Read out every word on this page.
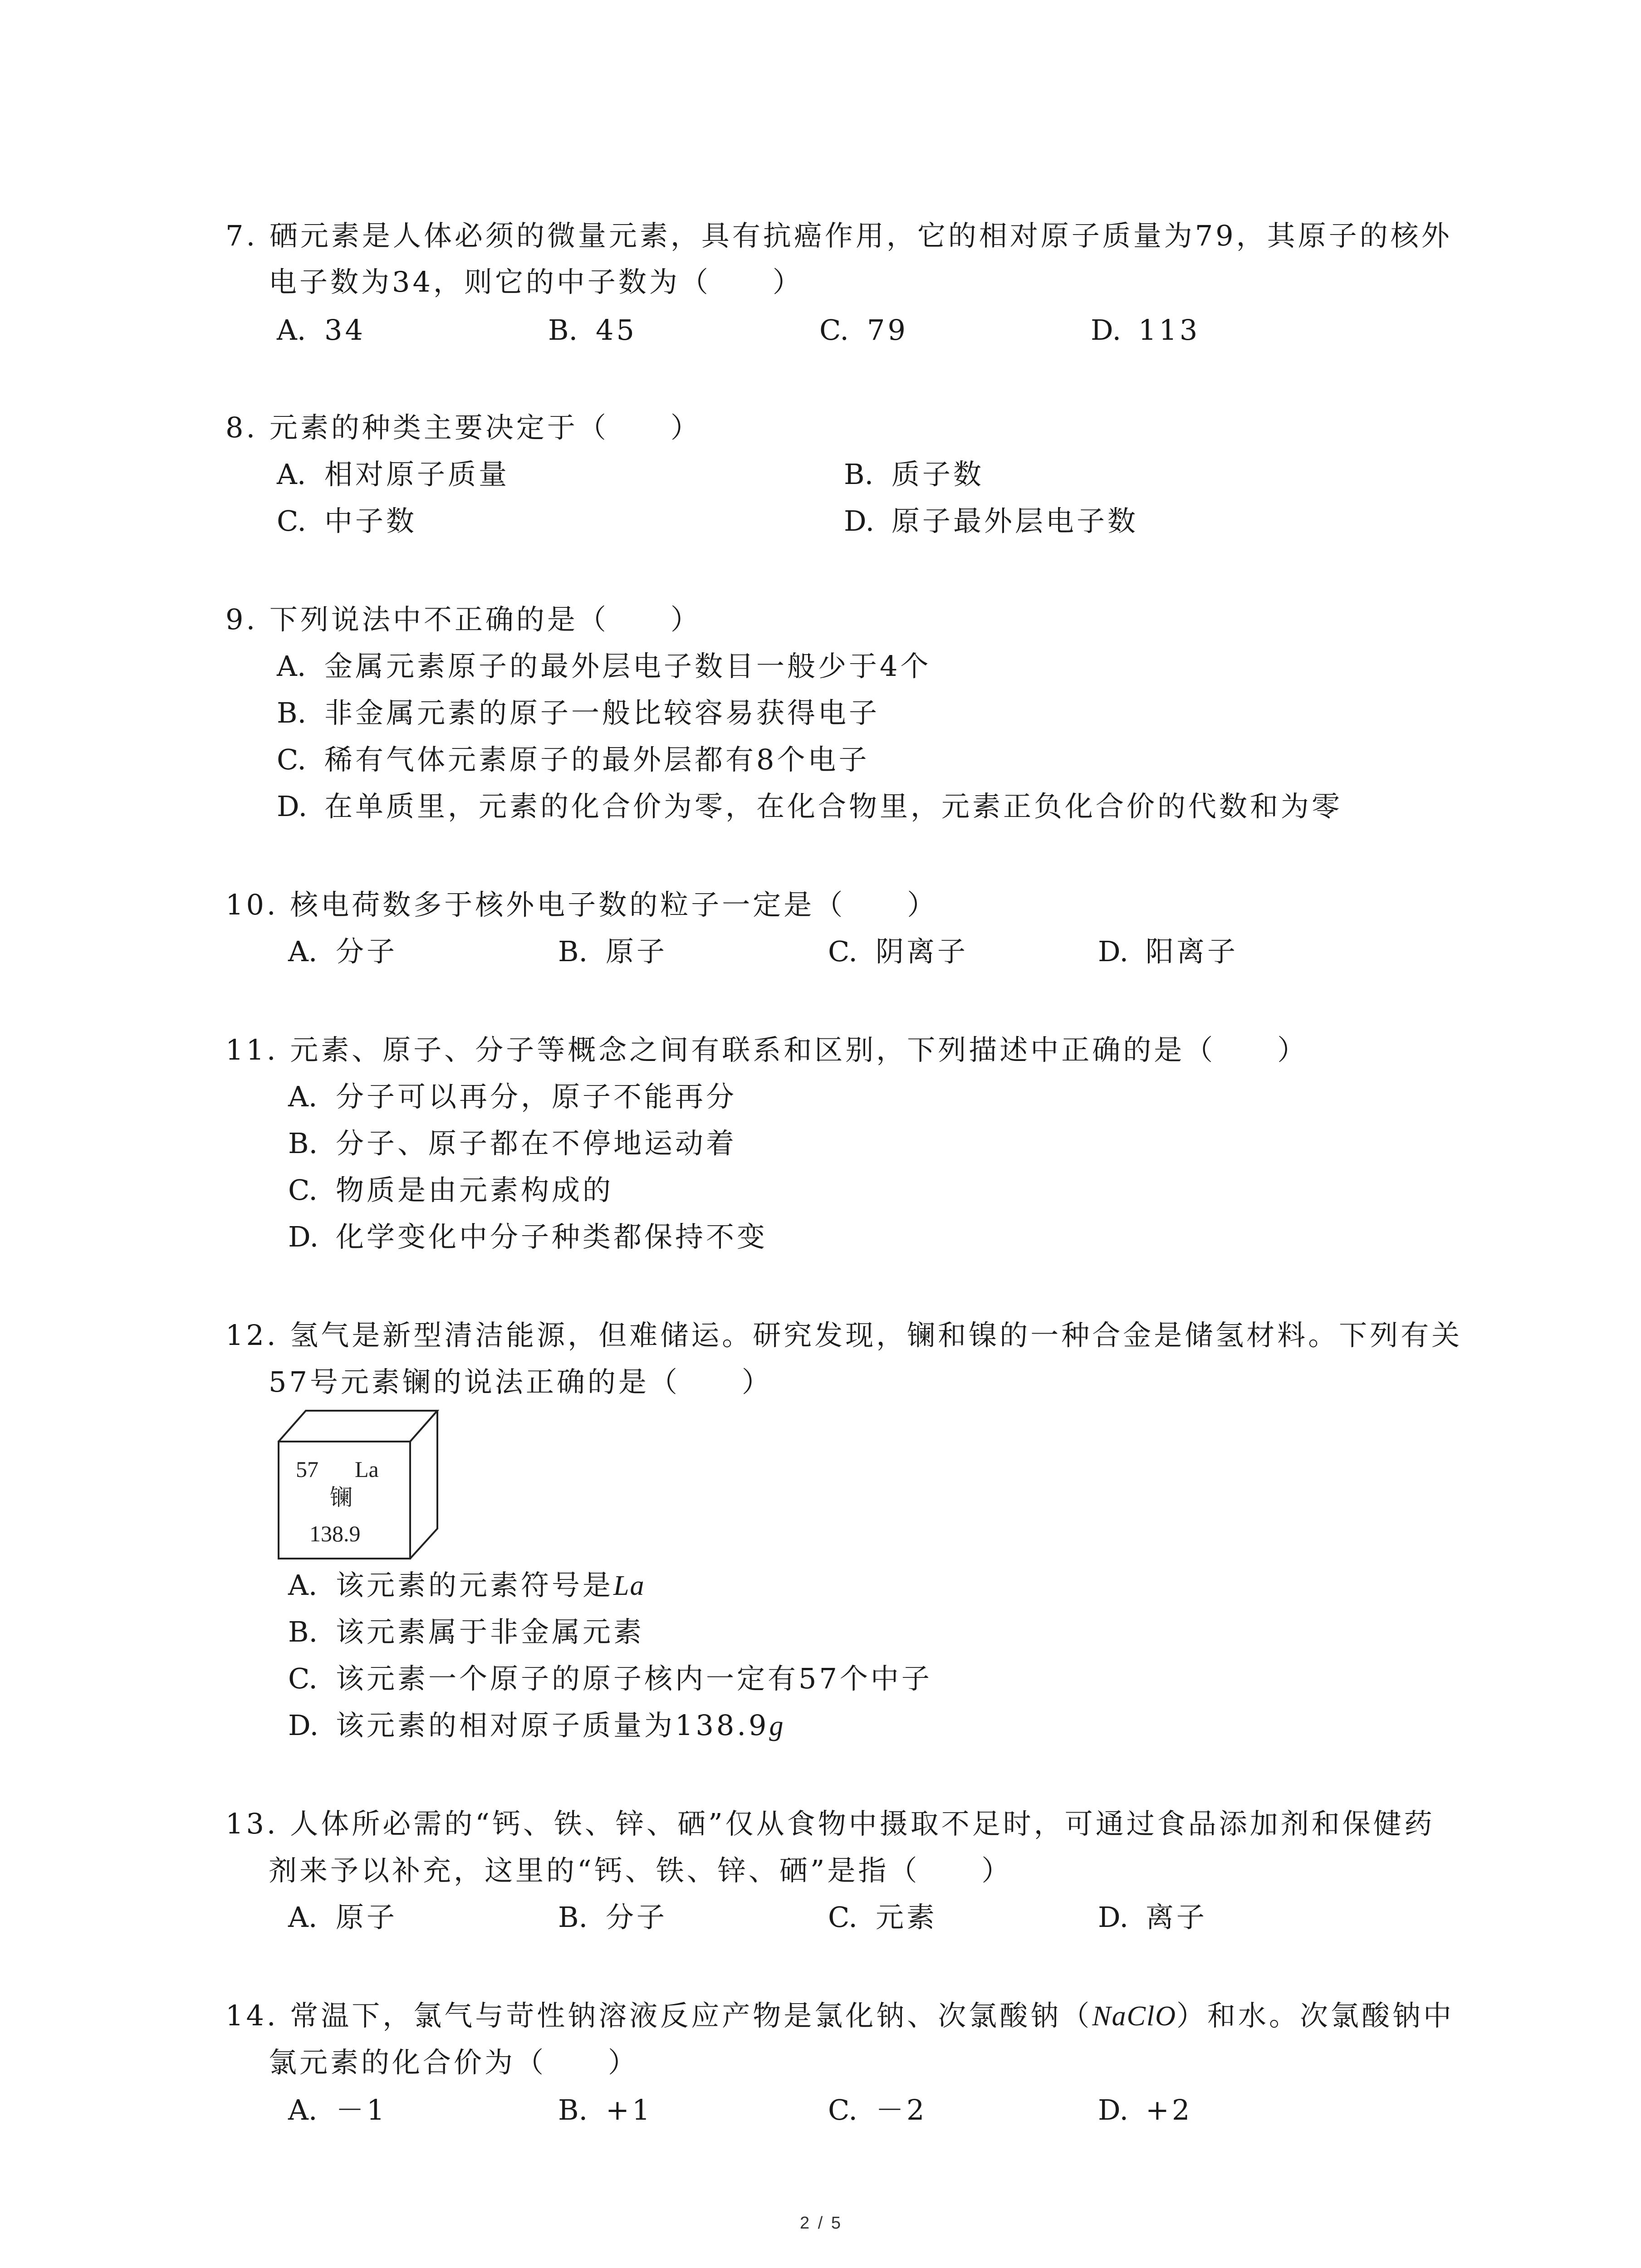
7. 硒元素是人体必须的微量元素，具有抗癌作用，它的相对原子质量为79，其原子的核外
电子数为34，则它的中子数为（　　）
A. 34	B. 45	C. 79	D. 113
8. 元素的种类主要决定于（　　）
A. 相对原子质量	B. 质子数
C. 中子数	D. 原子最外层电子数
9. 下列说法中不正确的是（　　）
A. 金属元素原子的最外层电子数目一般少于4个
B. 非金属元素的原子一般比较容易获得电子
C. 稀有气体元素原子的最外层都有8个电子
D. 在单质里，元素的化合价为零，在化合物里，元素正负化合价的代数和为零
10. 核电荷数多于核外电子数的粒子一定是（　　）
A. 分子	B. 原子	C. 阴离子	D. 阳离子
11. 元素、原子、分子等概念之间有联系和区别，下列描述中正确的是（　　）
A. 分子可以再分，原子不能再分
B. 分子、原子都在不停地运动着
C. 物质是由元素构成的
D. 化学变化中分子种类都保持不变
12. 氢气是新型清洁能源，但难储运。研究发现，镧和镍的一种合金是储氢材料。下列有关
57号元素镧的说法正确的是（　　）
57 La
镧
138.9
A. 该元素的元素符号是La
B. 该元素属于非金属元素
C. 该元素一个原子的原子核内一定有57个中子
D. 该元素的相对原子质量为138.9g
13. 人体所必需的“钙、铁、锌、硒”仅从食物中摄取不足时，可通过食品添加剂和保健药
剂来予以补充，这里的“钙、铁、锌、硒”是指（　　）
A. 原子	B. 分子	C. 元素	D. 离子
14. 常温下，氯气与苛性钠溶液反应产物是氯化钠、次氯酸钠（NaClO）和水。次氯酸钠中
氯元素的化合价为（　　）
A. －1	B. +1	C. －2	D. +2
2 / 5
